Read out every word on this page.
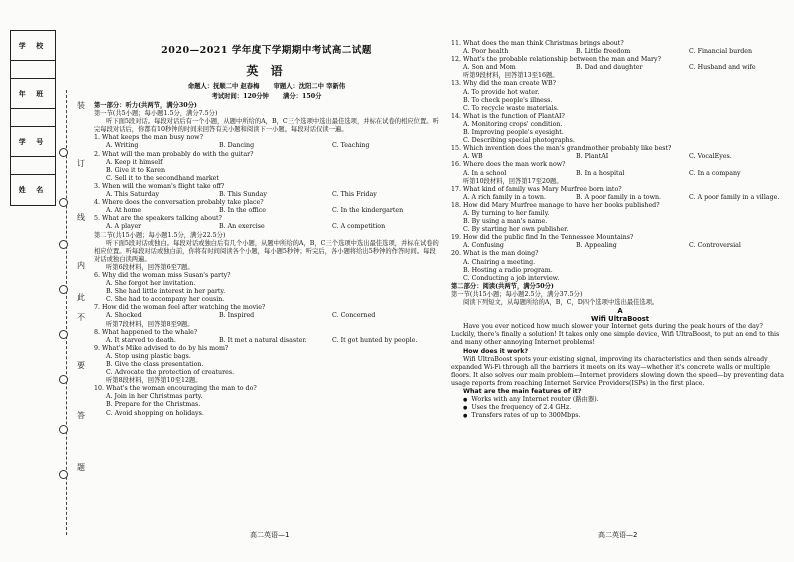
学 校
年 班
学 号
姓 名
装
订
线
内
此
不
要
答
题
2020—2021 学年度下学期期中考试高二试题
英 语
命题人：抚顺二中 赵春梅 审题人：沈阳二中 宰新伟
考试时间：120分钟 满分：150分
第一部分：听力(共两节，满分30分)
第一节(共5小题；每小题1.5分，满分7.5分)
听下面5段对话。每段对话后有一个小题，从题中所给的A，B，C三个选项中选出最佳选项，并标在试卷的相应位置。听完每段对话后，你都有10秒钟的时间来回答有关小题和阅读下一小题。每段对话仅读一遍。
1. What keeps the man busy now?
A. Writing	B. Dancing	C. Teaching
2. What will the man probably do with the guitar?
A. Keep it himself
B. Give it to Karen
C. Sell it to the secondhand market
3. When will the woman's flight take off?
A. This Saturday	B. This Sunday	C. This Friday
4. Where does the conversation probably take place?
A. At home	B. In the office	C. In the kindergarten
5. What are the speakers talking about?
A. A player	B. An exercise	C. A competition
第二节(共15小题；每小题1.5分，满分22.5分)
听下面5段对话或独白。每段对话或独白后有几个小题，从题中所给的A，B，C三个选项中选出最佳选项，并标在试卷的相应位置。听每段对话或独白前，你将有时间阅读各个小题，每小题5秒钟；听完后，各小题将给出5秒钟的作答时间。每段对话或独白读两遍。
听第6段材料，回答第6至7题。
6. Why did the woman miss Susan's party?
A. She forgot her invitation.
B. She had little interest in her party.
C. She had to accompany her cousin.
7. How did the woman feel after watching the movie?
A. Shocked	B. Inspired	C. Concerned
听第7段材料，回答第8至9题。
8. What happened to the whale?
A. It starved to death.	B. It met a natural disaster.	C. It got hunted by people.
9. What's Mike advised to do by his mom?
A. Stop using plastic bags.
B. Give the class presentation.
C. Advocate the protection of creatures.
听第8段材料，回答第10至12题。
10. What's the woman encouraging the man to do?
A. Join in her Christmas party.
B. Prepare for the Christmas.
C. Avoid shopping on holidays.
11. What does the man think Christmas brings about?
A. Poor health	B. Little freedom	C. Financial burden
12. What's the probable relationship between the man and Mary?
A. Son and Mom	B. Dad and daughter	C. Husband and wife
听第9段材料，回答第13至16题。
13. Why did the man create WB?
A. To provide hot water.
B. To check people's illness.
C. To recycle waste materials.
14. What is the function of PlantAI?
A. Monitoring crops' condition.
B. Improving people's eyesight.
C. Describing special photographs.
15. Which invention does the man's grandmother probably like best?
A. WB	B. PlantAI	C. VocalEyes.
16. Where does the man work now?
A. In a school	B. In a hospital	C. In a company
听第10段材料，回答第17至20题。
17. What kind of family was Mary Murfree born into?
A. A rich family in a town.	B. A poor family in a town.	C. A poor family in a village.
18. How did Mary Murfree manage to have her books published?
A. By turning to her family.
B. By using a man's name.
C. By starting her own publisher.
19. How did the public find In the Tennessee Mountains?
A. Confusing	B. Appealing	C. Controversial
20. What is the man doing?
A. Chairing a meeting.
B. Hosting a radio program.
C. Conducting a job interview.
第二部分：阅读(共两节，满分50分)
第一节(共15小题；每小题2.5分，满分37.5分)
阅读下列短文，从每题所给的A，B，C，D四个选项中选出最佳选项。
A
Wifi UltraBoost
Have you ever noticed how much slower your Internet gets during the peak hours of the day? Luckily, there's finally a solution! It takes only one simple device, Wifi UltraBoost, to put an end to this and many other annoying Internet problems!
How does it work?
Wifi UltraBoost spots your existing signal, improving its characteristics and then sends already expanded Wi-Fi through all the barriers it meets on its way—whether it's concrete walls or multiple floors. It also solves our main problem—Internet providers slowing down the speed—by preventing data usage reports from reaching Internet Service Providers(ISPs) in the first place.
What are the main features of it?
● Works with any Internet router (路由器).
● Uses the frequency of 2.4 GHz.
● Transfers rates of up to 300Mbps.
高二英语—1	高二英语—2
